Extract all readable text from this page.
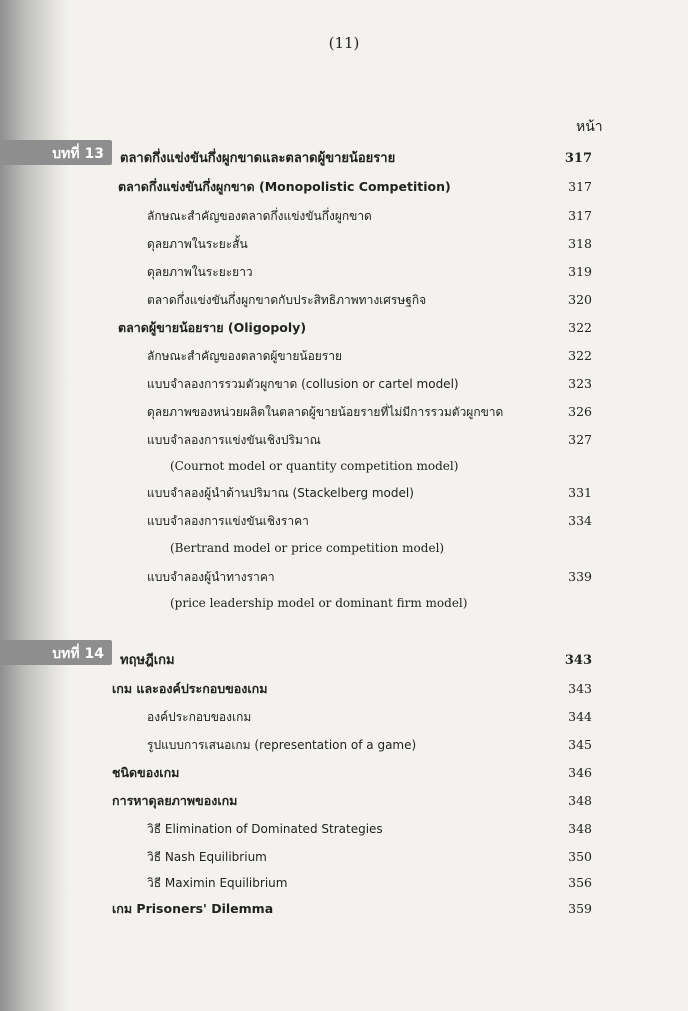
(11)
หน้า
บทที่ 13 ตลาดกึ่งแข่งขันกึ่งผูกขาดและตลาดผู้ขายน้อยราย	317
ตลาดกึ่งแข่งขันกึ่งผูกขาด (Monopolistic Competition)	317
ลักษณะสำคัญของตลาดกึ่งแข่งขันกึ่งผูกขาด	317
ดุลยภาพในระยะสั้น	318
ดุลยภาพในระยะยาว	319
ตลาดกึ่งแข่งขันกึ่งผูกขาดกับประสิทธิภาพทางเศรษฐกิจ	320
ตลาดผู้ขายน้อยราย (Oligopoly)	322
ลักษณะสำคัญของตลาดผู้ขายน้อยราย	322
แบบจำลองการรวมตัวผูกขาด (collusion or cartel model)	323
ดุลยภาพของหน่วยผลิตในตลาดผู้ขายน้อยรายที่ไม่มีการรวมตัวผูกขาด	326
แบบจำลองการแข่งขันเชิงปริมาณ	327
(Cournot model or quantity competition model)
แบบจำลองผู้นำด้านปริมาณ (Stackelberg model)	331
แบบจำลองการแข่งขันเชิงราคา	334
(Bertrand model or price competition model)
แบบจำลองผู้นำทางราคา	339
(price leadership model or dominant firm model)
บทที่ 14 ทฤษฎีเกม	343
เกม และองค์ประกอบของเกม	343
องค์ประกอบของเกม	344
รูปแบบการเสนอเกม (representation of a game)	345
ชนิดของเกม	346
การหาดุลยภาพของเกม	348
วิธี Elimination of Dominated Strategies	348
วิธี Nash Equilibrium	350
วิธี Maximin Equilibrium	356
เกม Prisoners' Dilemma	359
